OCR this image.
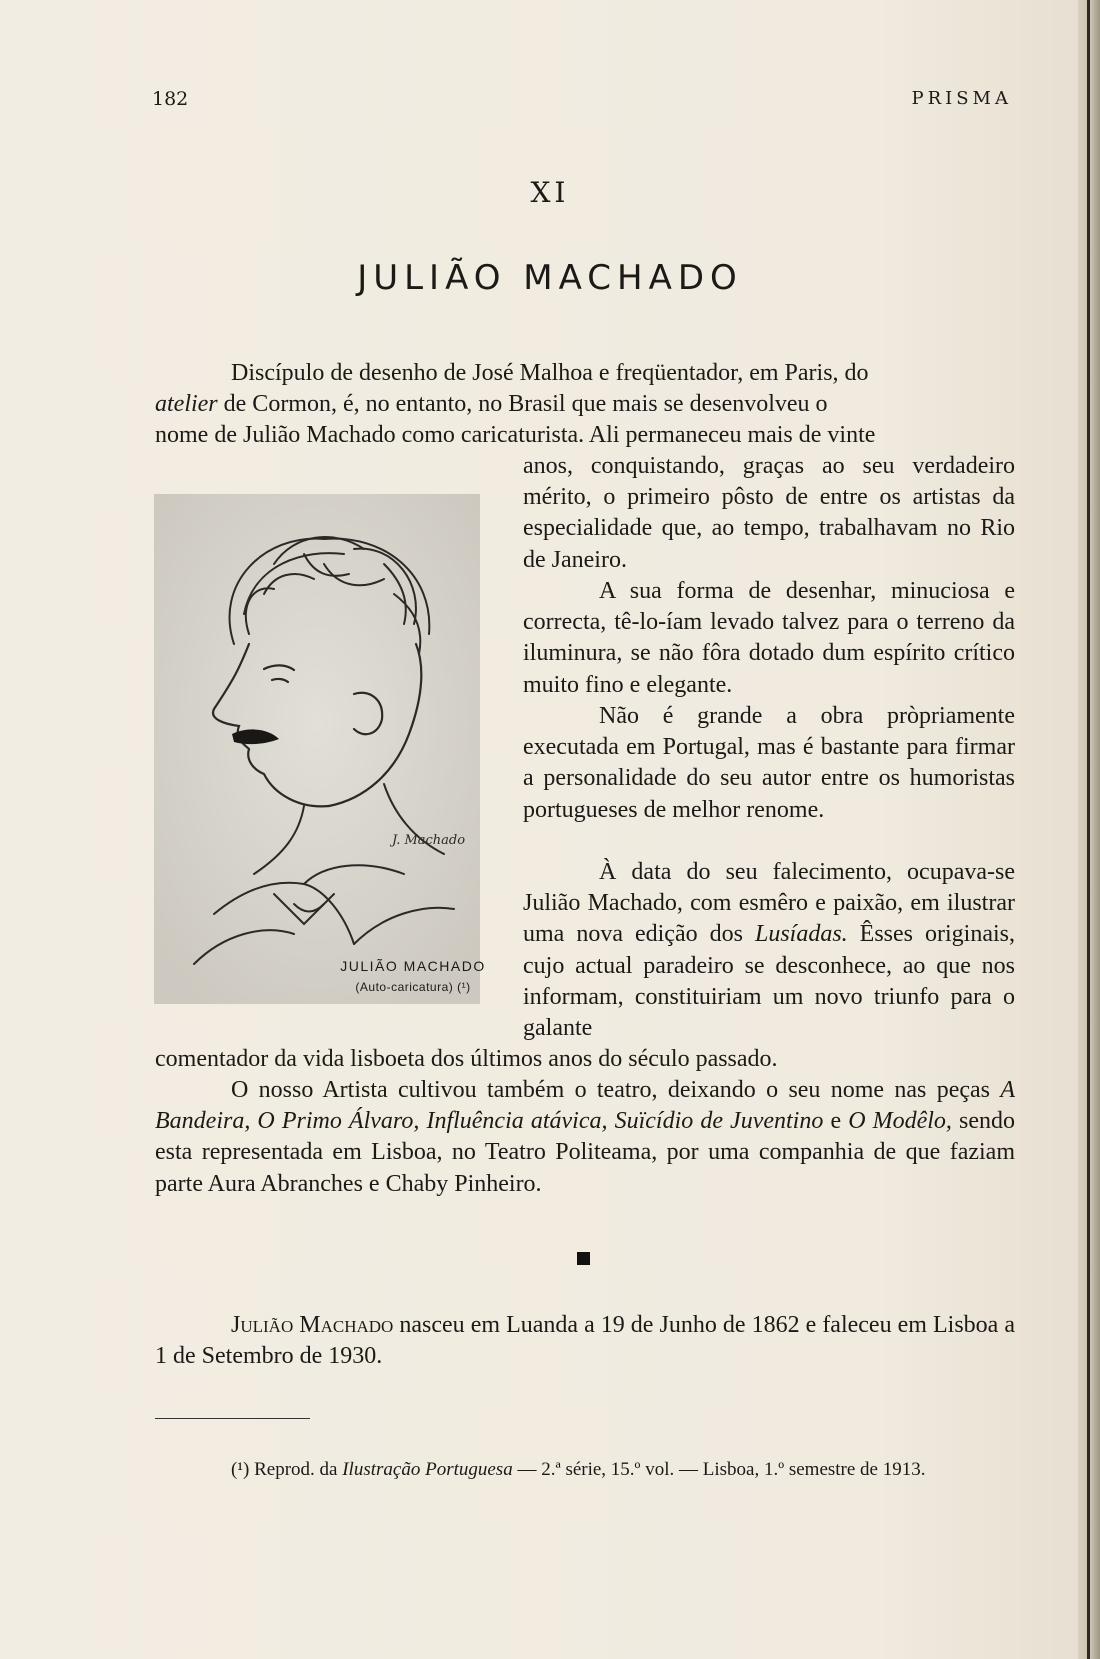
182	PRISMA
XI
JULIÃO MACHADO
Discípulo de desenho de José Malhoa e freqüentador, em Paris, do
atelier de Cormon, é, no entanto, no Brasil que mais se desenvolveu o
nome de Julião Machado como caricaturista. Ali permaneceu mais de vinte
anos, conquistando, graças ao seu verdadeiro mérito, o primeiro pôsto de entre os artistas da especialidade que, ao tempo, trabalhavam no Rio de Janeiro.
A sua forma de desenhar, minuciosa e correcta, tê-lo-íam levado talvez para o terreno da iluminura, se não fôra dotado dum espírito crítico muito fino e elegante.
Não é grande a obra pròpriamente executada em Portugal, mas é bastante para firmar a personalidade do seu autor entre os humoristas portugueses de melhor renome.
À data do seu falecimento, ocupava-se Julião Machado, com esmêro e paixão, em ilustrar uma nova edição dos Lusíadas. Êsses originais, cujo actual paradeiro se desconhece, ao que nos informam, constituiriam um novo triunfo para o galante
comentador da vida lisboeta dos últimos anos do século passado.
O nosso Artista cultivou também o teatro, deixando o seu nome nas peças A Bandeira, O Primo Álvaro, Influência atávica, Suïcídio de Juventino e O Modêlo, sendo esta representada em Lisboa, no Teatro Politeama, por uma companhia de que faziam parte Aura Abranches e Chaby Pinheiro.
J. Machado
JULIÃO MACHADO
(Auto-caricatura) (¹)
Julião Machado nasceu em Luanda a 19 de Junho de 1862 e faleceu em Lisboa a 1 de Setembro de 1930.
(¹) Reprod. da Ilustração Portuguesa — 2.ª série, 15.º vol. — Lisboa, 1.º semestre de 1913.
